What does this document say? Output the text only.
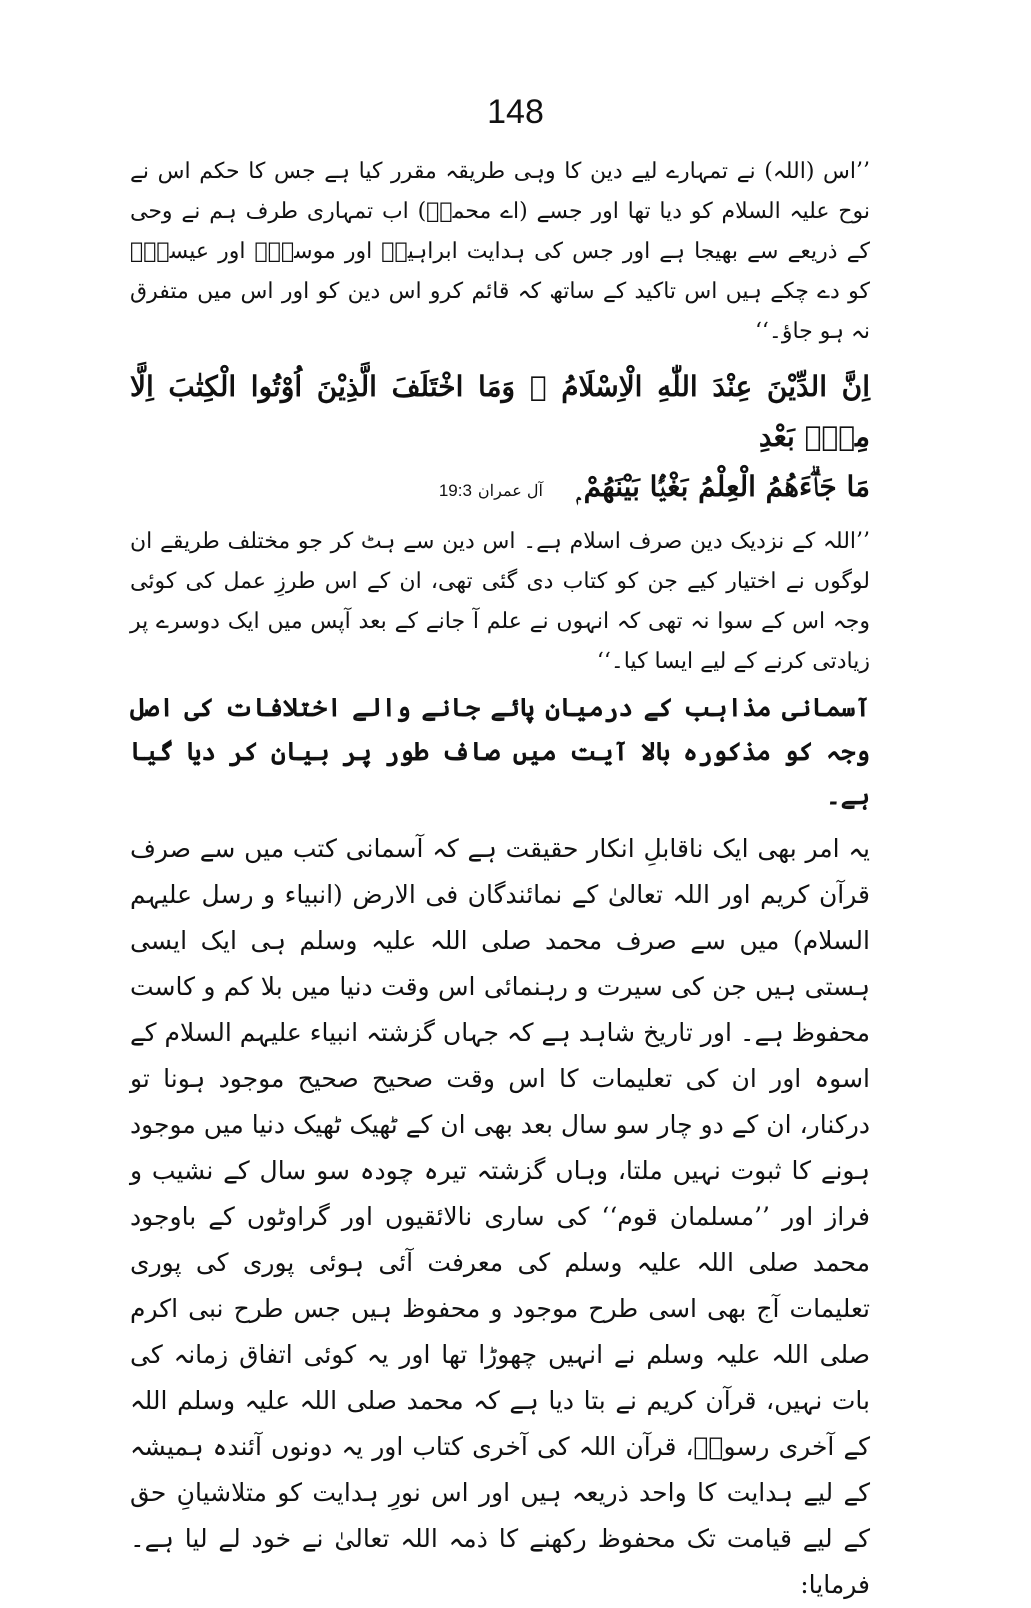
148

’’اس (اللہ) نے تمہارے لیے دین کا وہی طریقہ مقرر کیا ہے جس کا حکم اس نے نوح علیہ السلام کو دیا تھا اور جسے (اے محمدؐ) اب تمہاری طرف ہم نے وحی کے ذریعے سے بھیجا ہے اور جس کی ہدایت ابراہیمؑ اور موسیٰؑ اور عیسیٰؑ کو دے چکے ہیں اس تاکید کے ساتھ کہ قائم کرو اس دین کو اور اس میں متفرق نہ ہو جاؤ۔‘‘

اِنَّ الدِّيْنَ عِنْدَ اللّٰهِ الْاِسْلَامُ ۣ وَمَا اخْتَلَفَ الَّذِيْنَ اُوْتُوا الْكِتٰبَ اِلَّا مِنْۢ بَعْدِ
مَا جَاۗءَھُمُ الْعِلْمُ بَغْيًۢا بَيْنَھُمْ ۭ آل عمران19:3

’’اللہ کے نزدیک دین صرف اسلام ہے۔ اس دین سے ہٹ کر جو مختلف طریقے ان لوگوں نے اختیار کیے جن کو کتاب دی گئی تھی، ان کے اس طرزِ عمل کی کوئی وجہ اس کے سوا نہ تھی کہ انہوں نے علم آ جانے کے بعد آپس میں ایک دوسرے پر زیادتی کرنے کے لیے ایسا کیا۔‘‘

آسمانی مذاہب کے درمیان پائے جانے والے اختلافات کی اصل وجہ کو مذکورہ بالا آیت میں صاف طور پر بیان کر دیا گیا ہے۔

یہ امر بھی ایک ناقابلِ انکار حقیقت ہے کہ آسمانی کتب میں سے صرف قرآن کریم اور اللہ تعالیٰ کے نمائندگان فی الارض (انبیاء و رسل علیہم السلام) میں سے صرف محمد صلی اللہ علیہ وسلم ہی ایک ایسی ہستی ہیں جن کی سیرت و رہنمائی اس وقت دنیا میں بلا کم و کاست محفوظ ہے۔ اور تاریخ شاہد ہے کہ جہاں گزشتہ انبیاء علیہم السلام کے اسوہ اور ان کی تعلیمات کا اس وقت صحیح صحیح موجود ہونا تو درکنار، ان کے دو چار سو سال بعد بھی ان کے ٹھیک ٹھیک دنیا میں موجود ہونے کا ثبوت نہیں ملتا، وہاں گزشتہ تیرہ چودہ سو سال کے نشیب و فراز اور ’’مسلمان قوم‘‘ کی ساری نالائقیوں اور گراوٹوں کے باوجود محمد صلی اللہ علیہ وسلم کی معرفت آئی ہوئی پوری کی پوری تعلیمات آج بھی اسی طرح موجود و محفوظ ہیں جس طرح نبی اکرم صلی اللہ علیہ وسلم نے انہیں چھوڑا تھا اور یہ کوئی اتفاق زمانہ کی بات نہیں، قرآن کریم نے بتا دیا ہے کہ محمد صلی اللہ علیہ وسلم اللہ کے آخری رسولؐ، قرآن اللہ کی آخری کتاب اور یہ دونوں آئندہ ہمیشہ کے لیے ہدایت کا واحد ذریعہ ہیں اور اس نورِ ہدایت کو متلاشیانِ حق کے لیے قیامت تک محفوظ رکھنے کا ذمہ اللہ تعالیٰ نے خود لے لیا ہے۔ فرمایا:
